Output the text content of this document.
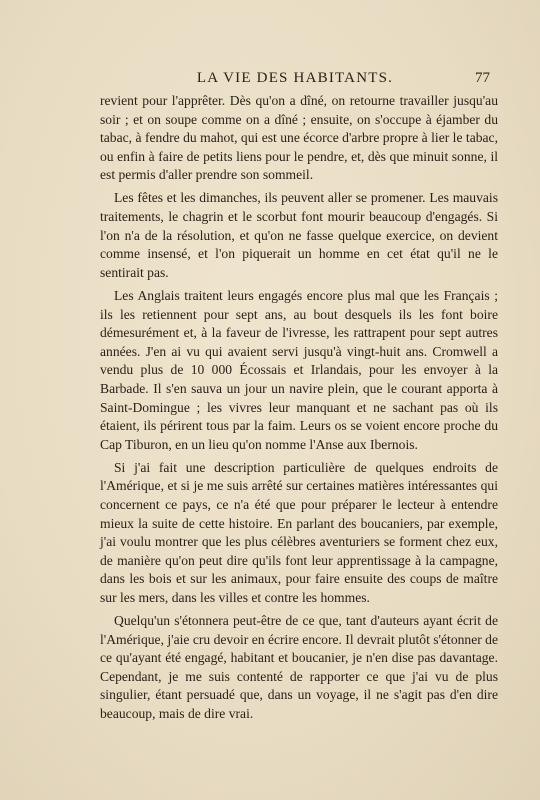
LA VIE DES HABITANTS.	77

revient pour l'apprêter. Dès qu'on a dîné, on retourne travailler jusqu'au soir ; et on soupe comme on a dîné ; ensuite, on s'occupe à éjamber du tabac, à fendre du mahot, qui est une écorce d'arbre propre à lier le tabac, ou enfin à faire de petits liens pour le pendre, et, dès que minuit sonne, il est permis d'aller prendre son sommeil.

Les fêtes et les dimanches, ils peuvent aller se promener. Les mauvais traitements, le chagrin et le scorbut font mourir beaucoup d'engagés. Si l'on n'a de la résolution, et qu'on ne fasse quelque exercice, on devient comme insensé, et l'on piquerait un homme en cet état qu'il ne le sentirait pas.

Les Anglais traitent leurs engagés encore plus mal que les Français ; ils les retiennent pour sept ans, au bout desquels ils les font boire démesurément et, à la faveur de l'ivresse, les rattrapent pour sept autres années. J'en ai vu qui avaient servi jusqu'à vingt-huit ans. Cromwell a vendu plus de 10 000 Écossais et Irlandais, pour les envoyer à la Barbade. Il s'en sauva un jour un navire plein, que le courant apporta à Saint-Domingue ; les vivres leur manquant et ne sachant pas où ils étaient, ils périrent tous par la faim. Leurs os se voient encore proche du Cap Tiburon, en un lieu qu'on nomme l'Anse aux Ibernois.

Si j'ai fait une description particulière de quelques endroits de l'Amérique, et si je me suis arrêté sur certaines matières intéressantes qui concernent ce pays, ce n'a été que pour préparer le lecteur à entendre mieux la suite de cette histoire. En parlant des boucaniers, par exemple, j'ai voulu montrer que les plus célèbres aventuriers se forment chez eux, de manière qu'on peut dire qu'ils font leur apprentissage à la campagne, dans les bois et sur les animaux, pour faire ensuite des coups de maître sur les mers, dans les villes et contre les hommes.

Quelqu'un s'étonnera peut-être de ce que, tant d'auteurs ayant écrit de l'Amérique, j'aie cru devoir en écrire encore. Il devrait plutôt s'étonner de ce qu'ayant été engagé, habitant et boucanier, je n'en dise pas davantage. Cependant, je me suis contenté de rapporter ce que j'ai vu de plus singulier, étant persuadé que, dans un voyage, il ne s'agit pas d'en dire beaucoup, mais de dire vrai.
